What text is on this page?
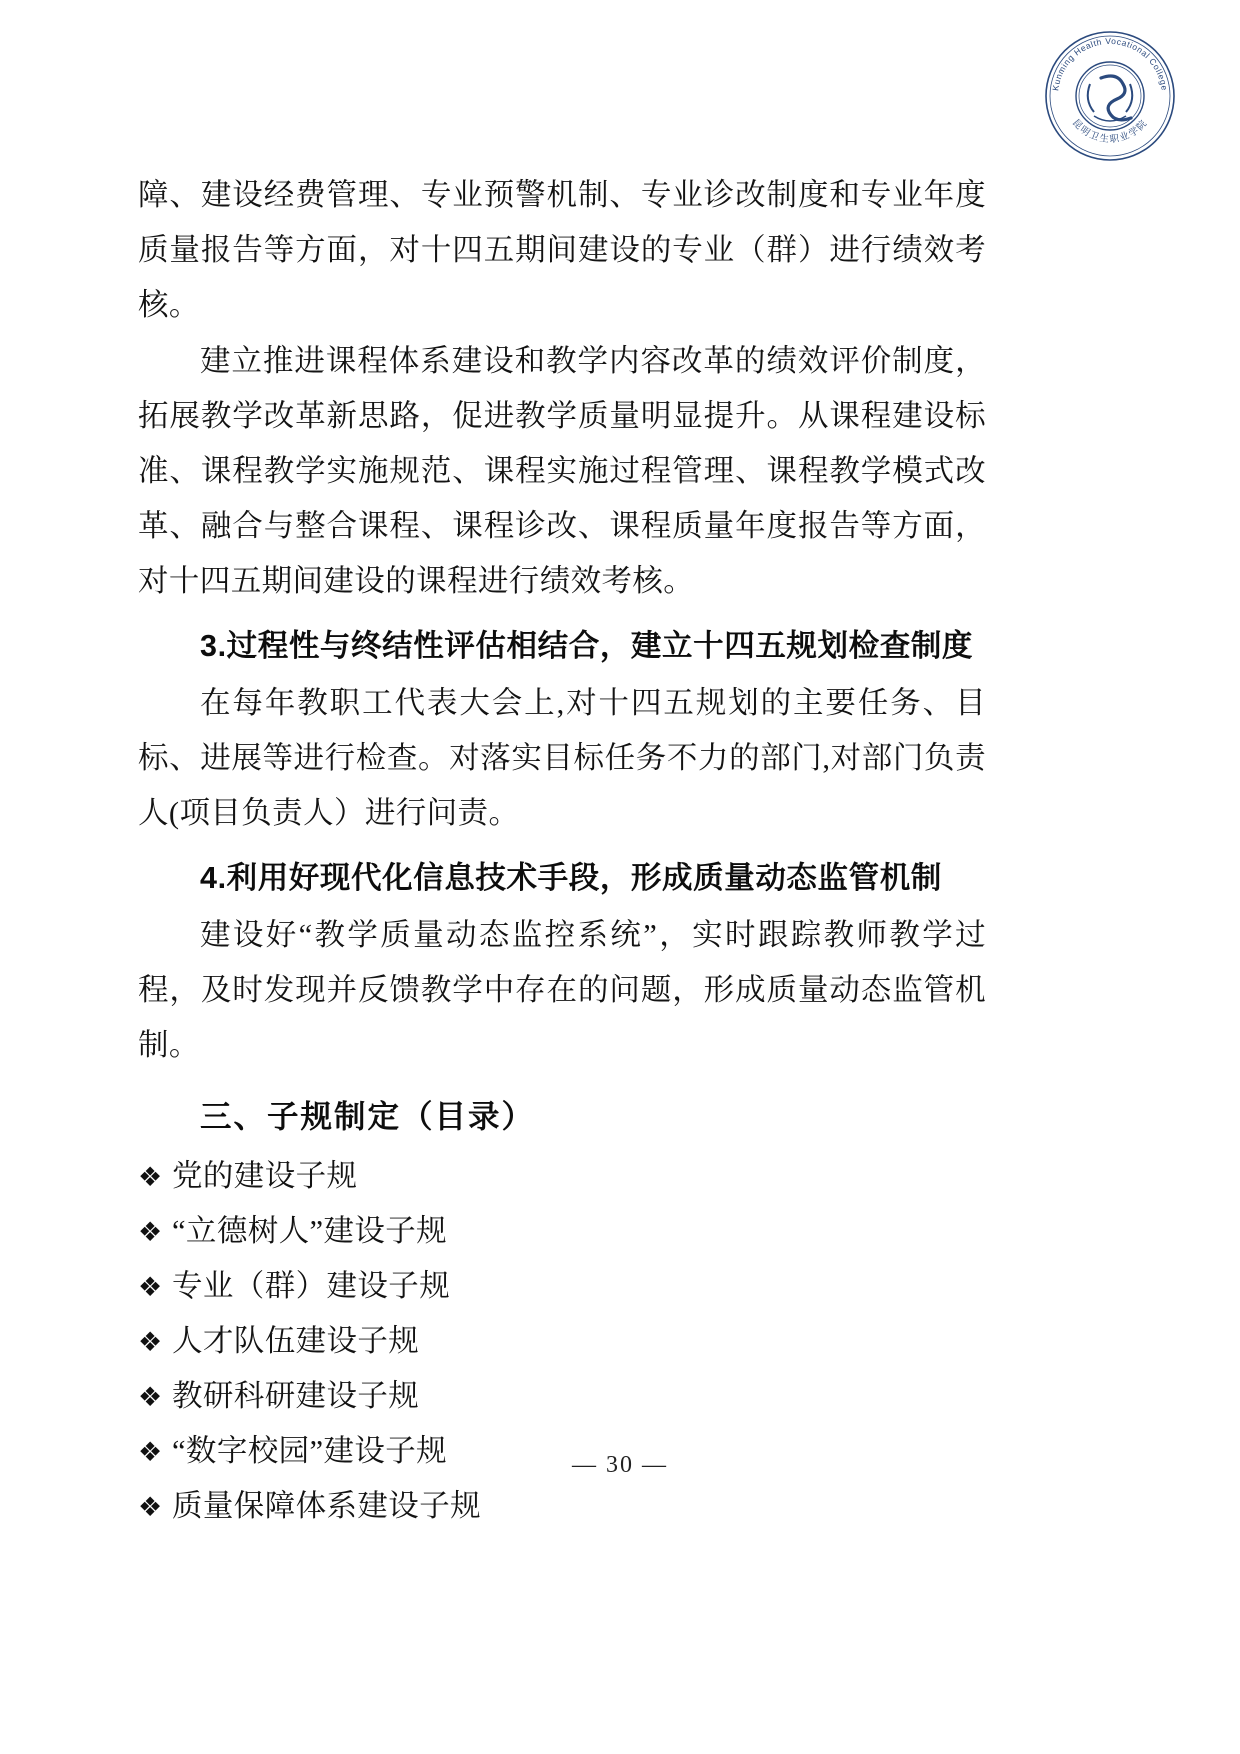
Kunming Health Vocational College
昆明卫生职业学院

障、建设经费管理、专业预警机制、专业诊改制度和专业年度质量报告等方面，对十四五期间建设的专业（群）进行绩效考核。

建立推进课程体系建设和教学内容改革的绩效评价制度，拓展教学改革新思路，促进教学质量明显提升。从课程建设标准、课程教学实施规范、课程实施过程管理、课程教学模式改革、融合与整合课程、课程诊改、课程质量年度报告等方面，对十四五期间建设的课程进行绩效考核。

3.过程性与终结性评估相结合，建立十四五规划检查制度

在每年教职工代表大会上,对十四五规划的主要任务、目标、进展等进行检查。对落实目标任务不力的部门,对部门负责人(项目负责人）进行问责。

4.利用好现代化信息技术手段，形成质量动态监管机制

建设好“教学质量动态监控系统”，实时跟踪教师教学过程，及时发现并反馈教学中存在的问题，形成质量动态监管机制。

三、子规制定（目录）
❖ 党的建设子规
❖ “立德树人”建设子规
❖ 专业（群）建设子规
❖ 人才队伍建设子规
❖ 教研科研建设子规
❖ “数字校园”建设子规
❖ 质量保障体系建设子规
— 30 —
